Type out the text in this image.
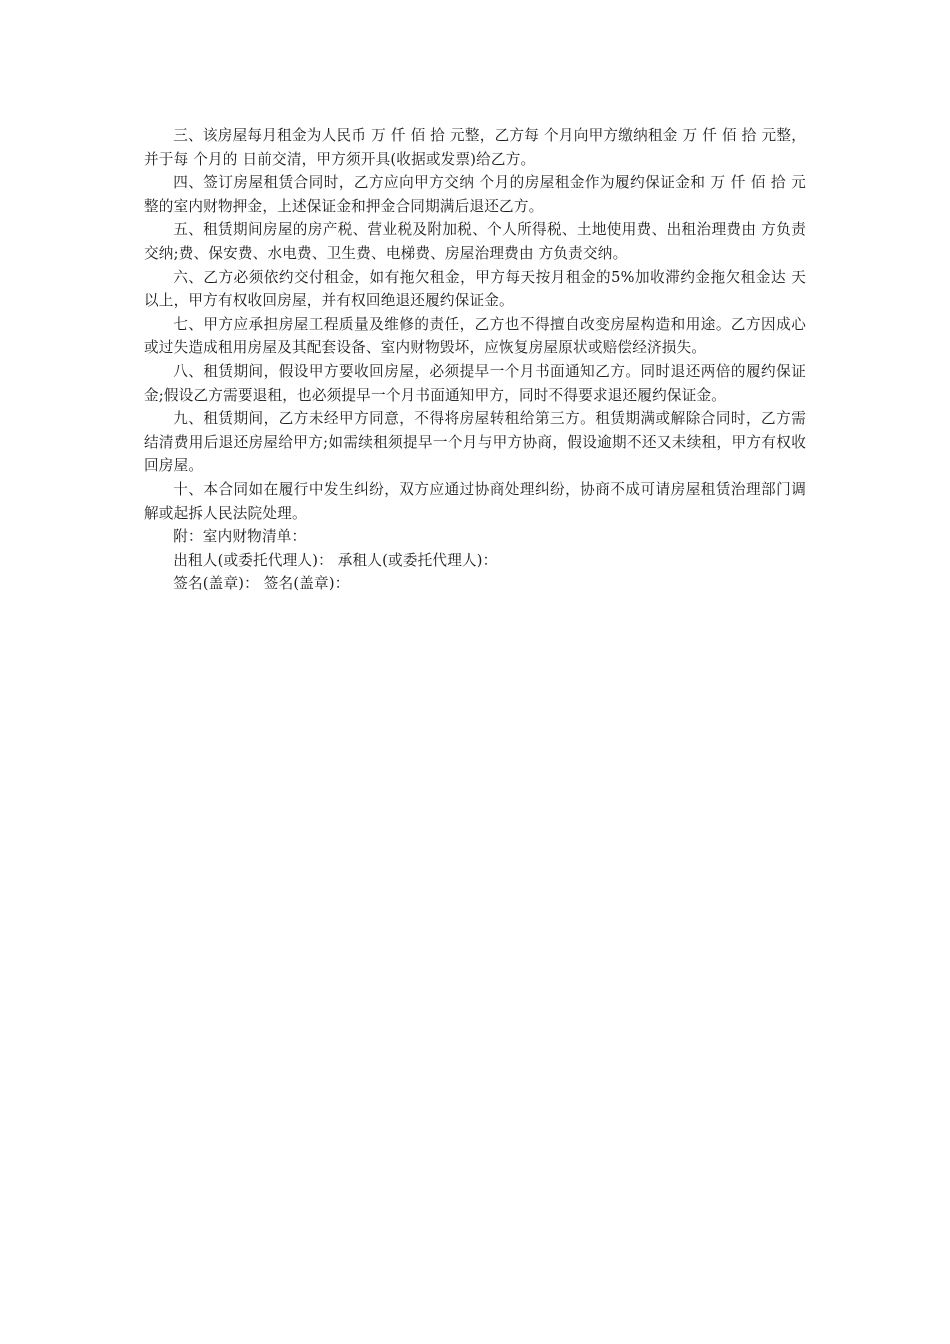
三、该房屋每月租金为人民币 万 仟 佰 拾 元整，乙方每 个月向甲方缴纳租金 万 仟 佰 拾 元整，并于每 个月的 日前交清，甲方须开具(收据或发票)给乙方。

四、签订房屋租赁合同时，乙方应向甲方交纳 个月的房屋租金作为履约保证金和 万 仟 佰 拾 元整的室内财物押金，上述保证金和押金合同期满后退还乙方。

五、租赁期间房屋的房产税、营业税及附加税、个人所得税、土地使用费、出租治理费由 方负责交纳;费、保安费、水电费、卫生费、电梯费、房屋治理费由 方负责交纳。

六、乙方必须依约交付租金，如有拖欠租金，甲方每天按月租金的5%加收滞约金拖欠租金达 天以上，甲方有权收回房屋，并有权回绝退还履约保证金。

七、甲方应承担房屋工程质量及维修的责任，乙方也不得擅自改变房屋构造和用途。乙方因成心或过失造成租用房屋及其配套设备、室内财物毁坏，应恢复房屋原状或赔偿经济损失。

八、租赁期间，假设甲方要收回房屋，必须提早一个月书面通知乙方。同时退还两倍的履约保证金;假设乙方需要退租，也必须提早一个月书面通知甲方，同时不得要求退还履约保证金。

九、租赁期间，乙方未经甲方同意，不得将房屋转租给第三方。租赁期满或解除合同时，乙方需结清费用后退还房屋给甲方;如需续租须提早一个月与甲方协商，假设逾期不还又未续租，甲方有权收回房屋。

十、本合同如在履行中发生纠纷，双方应通过协商处理纠纷，协商不成可请房屋租赁治理部门调解或起拆人民法院处理。

附：室内财物清单：

出租人(或委托代理人)： 承租人(或委托代理人)：

签名(盖章)： 签名(盖章)：
